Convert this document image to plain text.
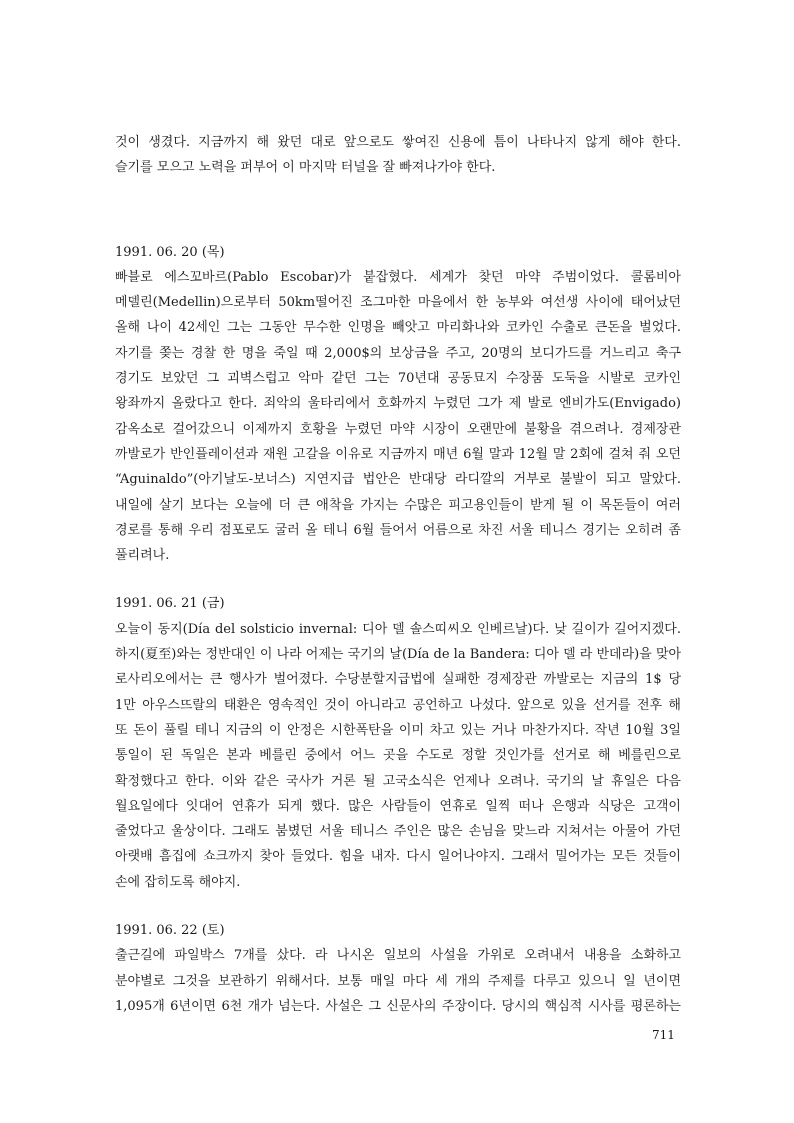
것이 생겼다. 지금까지 해 왔던 대로 앞으로도 쌓여진 신용에 틈이 나타나지 않게 해야 한다.
슬기를 모으고 노력을 퍼부어 이 마지막 터널을 잘 빠져나가야 한다.

1991. 06. 20 (목)

빠블로 에스꼬바르(Pablo Escobar)가 붙잡혔다. 세계가 찾던 마약 주범이었다. 콜롬비아
메델린(Medellin)으로부터 50km떨어진 조그마한 마을에서 한 농부와 여선생 사이에 태어났던
올해 나이 42세인 그는 그동안 무수한 인명을 빼앗고 마리화나와 코카인 수출로 큰돈을 벌었다.
자기를 쫒는 경찰 한 명을 죽일 때 2,000$의 보상금을 주고, 20명의 보디가드를 거느리고 축구
경기도 보았던 그 괴벽스럽고 악마 같던 그는 70년대 공동묘지 수장품 도둑을 시발로 코카인
왕좌까지 올랐다고 한다. 죄악의 울타리에서 호화까지 누렸던 그가 제 발로 엔비가도(Envigado)
감옥소로 걸어갔으니 이제까지 호황을 누렸던 마약 시장이 오랜만에 불황을 겪으려나. 경제장관
까발로가 반인플레이션과 재원 고갈을 이유로 지금까지 매년 6월 말과 12월 말 2회에 걸쳐 줘 오던
“Aguinaldo”(아기날도-보너스) 지연지급 법안은 반대당 라디깔의 거부로 불발이 되고 말았다.
내일에 살기 보다는 오늘에 더 큰 애착을 가지는 수많은 피고용인들이 받게 될 이 목돈들이 여러
경로를 통해 우리 점포로도 굴러 올 테니 6월 들어서 어름으로 차진 서울 테니스 경기는 오히려 좀
풀리려나.

1991. 06. 21 (금)

오늘이 동지(Día del solsticio invernal: 디아 델 솔스띠씨오 인베르날)다. 낮 길이가 길어지겠다.
하지(夏至)와는 정반대인 이 나라 어제는 국기의 날(Día de la Bandera: 디아 델 라 반데라)을 맞아
로사리오에서는 큰 행사가 벌어졌다. 수당분할지급법에 실패한 경제장관 까발로는 지금의 1$ 당
1만 아우스뜨랄의 태환은 영속적인 것이 아니라고 공언하고 나섰다. 앞으로 있을 선거를 전후 해
또 돈이 풀릴 테니 지금의 이 안정은 시한폭탄을 이미 차고 있는 거나 마찬가지다. 작년 10월 3일
통일이 된 독일은 본과 베를린 중에서 어느 곳을 수도로 정할 것인가를 선거로 해 베를린으로
확정했다고 한다. 이와 같은 국사가 거론 될 고국소식은 언제나 오려나. 국기의 날 휴일은 다음
월요일에다 잇대어 연휴가 되게 했다. 많은 사람들이 연휴로 일찍 떠나 은행과 식당은 고객이
줄었다고 울상이다. 그래도 붐볐던 서울 테니스 주인은 많은 손님을 맞느라 지쳐서는 아물어 가던
아랫배 흠집에 쇼크까지 찾아 들었다. 힘을 내자. 다시 일어나야지. 그래서 밀어가는 모든 것들이
손에 잡히도록 해야지.

1991. 06. 22 (토)

출근길에 파일박스 7개를 샀다. 라 나시온 일보의 사설을 가위로 오려내서 내용을 소화하고
분야별로 그것을 보관하기 위해서다. 보통 매일 마다 세 개의 주제를 다루고 있으니 일 년이면
1,095개 6년이면 6천 개가 넘는다. 사설은 그 신문사의 주장이다. 당시의 핵심적 시사를 평론하는

711
